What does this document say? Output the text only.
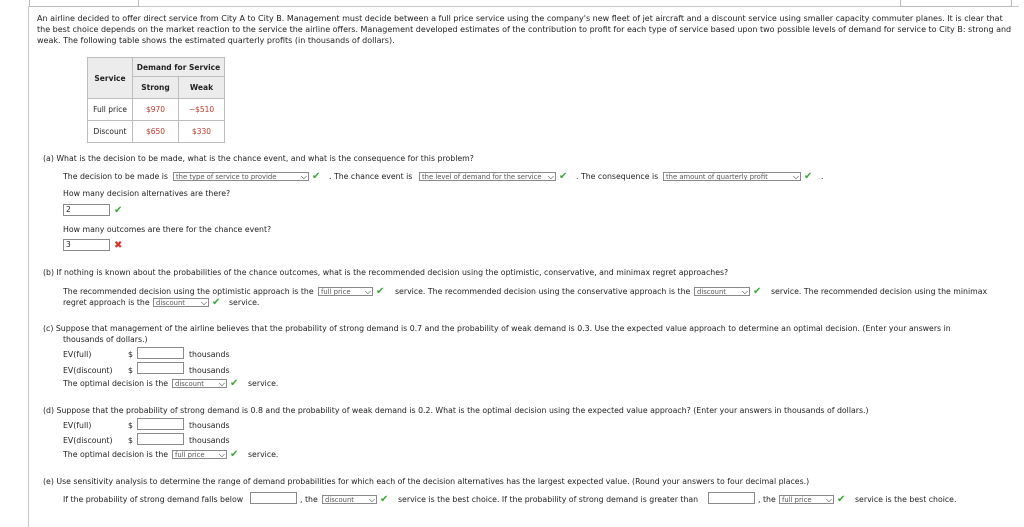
An airline decided to offer direct service from City A to City B. Management must decide between a full price service using the company's new fleet of jet aircraft and a discount service using smaller capacity commuter planes. It is clear that the best choice depends on the market reaction to the service the airline offers. Management developed estimates of the contribution to profit for each type of service based upon two possible levels of demand for service to City B: strong and weak. The following table shows the estimated quarterly profits (in thousands of dollars).
Service	Demand for Service	
	Strong	Weak
Full price	$970	−$510
Discount	$650	$330
(a) What is the decision to be made, what is the chance event, and what is the consequence for this problem?
The decision to be made is	the type of service to provide	⌵ ✔ . The chance event is	the level of demand for the service ⌵ ✔ . The consequence is	the amount of quarterly profit	⌵ ✔ .
How many decision alternatives are there?
2	✔
How many outcomes are there for the chance event?
3	✖
(b) If nothing is known about the probabilities of the chance outcomes, what is the recommended decision using the optimistic, conservative, and minimax regret approaches?
The recommended decision using the optimistic approach is the	full price ⌵ ✔ service. The recommended decision using the conservative approach is the discount ⌵ ✔ service. The recommended decision using the minimax
regret approach is the discount ⌵ ✔ service.
(c) Suppose that management of the airline believes that the probability of strong demand is 0.7 and the probability of weak demand is 0.3. Use the expected value approach to determine an optimal decision. (Enter your answers in
thousands of dollars.)
EV(full)	$	thousands
EV(discount) $	thousands
The optimal decision is the	discount ⌵ ✔ service.
(d) Suppose that the probability of strong demand is 0.8 and the probability of weak demand is 0.2. What is the optimal decision using the expected value approach? (Enter your answers in thousands of dollars.)
EV(full)	$	thousands
EV(discount) $	thousands
The optimal decision is the	full price ⌵ ✔ service.
(e) Use sensitivity analysis to determine the range of demand probabilities for which each of the decision alternatives has the largest expected value. (Round your answers to four decimal places.)
If the probability of strong demand falls below	, the	discount ⌵ ✔ service is the best choice. If the probability of strong demand is greater than	, the full price ⌵ ✔ service is the best choice.
